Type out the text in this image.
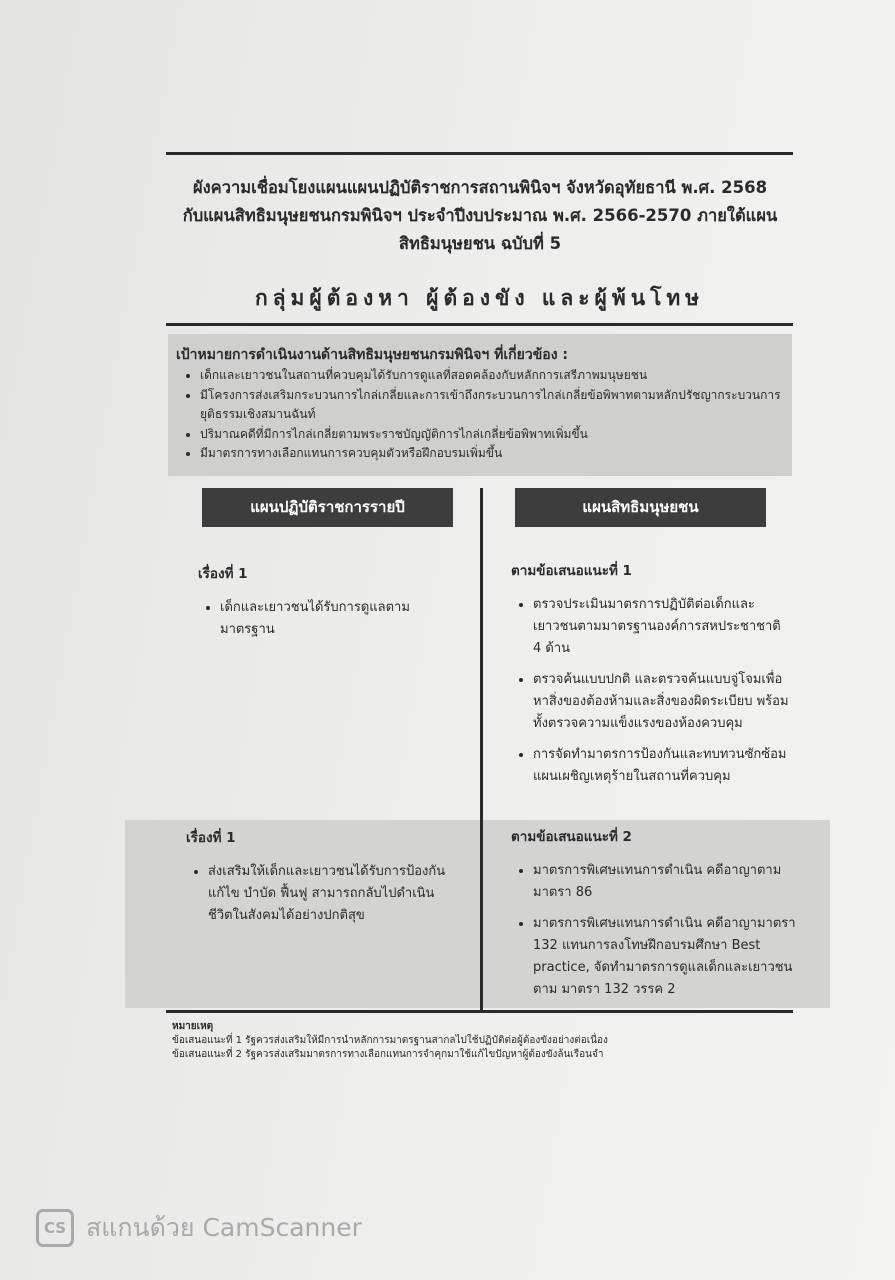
ผังความเชื่อมโยงแผนแผนปฏิบัติราชการสถานพินิจฯ จังหวัดอุทัยธานี พ.ศ. 2568
กับแผนสิทธิมนุษยชนกรมพินิจฯ ประจำปีงบประมาณ พ.ศ. 2566-2570 ภายใต้แผน
สิทธิมนุษยชน ฉบับที่ 5
กลุ่มผู้ต้องหา ผู้ต้องขัง และผู้พ้นโทษ
เป้าหมายการดำเนินงานด้านสิทธิมนุษยชนกรมพินิจฯ ที่เกี่ยวข้อง :
• เด็กและเยาวชนในสถานที่ควบคุมได้รับการดูแลที่สอดคล้องกับหลักการเสรีภาพมนุษยชน
• มีโครงการส่งเสริมกระบวนการไกล่เกลี่ยและการเข้าถึงกระบวนการไกล่เกลี่ยข้อพิพาทตามหลักปรัชญากระบวนการยุติธรรมเชิงสมานฉันท์
• ปริมาณคดีที่มีการไกล่เกลี่ยตามพระราชบัญญัติการไกล่เกลี่ยข้อพิพาทเพิ่มขึ้น
• มีมาตรการทางเลือกแทนการควบคุมตัวหรือฝึกอบรมเพิ่มขึ้น
แผนปฏิบัติราชการรายปี	แผนสิทธิมนุษยชน
เรื่องที่ 1
• เด็กและเยาวชนได้รับการดูแลตามมาตรฐาน
เรื่องที่ 1
• ส่งเสริมให้เด็กและเยาวชนได้รับการป้องกัน แก้ไข บำบัด ฟื้นฟู สามารถกลับไปดำเนินชีวิตในสังคมได้อย่างปกติสุข
ตามข้อเสนอแนะที่ 1
• ตรวจประเมินมาตรการปฏิบัติต่อเด็กและเยาวชนตามมาตรฐานองค์การสหประชาชาติ 4 ด้าน
• ตรวจค้นแบบปกติ และตรวจค้นแบบจู่โจมเพื่อหาสิ่งของต้องห้ามและสิ่งของผิดระเบียบ พร้อมทั้งตรวจความแข็งแรงของห้องควบคุม
• การจัดทำมาตรการป้องกันและทบทวนซักซ้อมแผนเผชิญเหตุร้ายในสถานที่ควบคุม
ตามข้อเสนอแนะที่ 2
• มาตรการพิเศษแทนการดำเนิน คดีอาญาตามมาตรา 86
• มาตรการพิเศษแทนการดำเนิน คดีอาญามาตรา 132 แทนการลงโทษฝึกอบรมศึกษา Best practice, จัดทำมาตรการดูแลเด็กและเยาวชนตาม มาตรา 132 วรรค 2
หมายเหตุ
ข้อเสนอแนะที่ 1 รัฐควรส่งเสริมให้มีการนำหลักการมาตรฐานสากลไปใช้ปฏิบัติต่อผู้ต้องขังอย่างต่อเนื่อง
ข้อเสนอแนะที่ 2 รัฐควรส่งเสริมมาตรการทางเลือกแทนการจำคุกมาใช้แก้ไขปัญหาผู้ต้องขังล้นเรือนจำ
CS สแกนด้วย CamScanner
